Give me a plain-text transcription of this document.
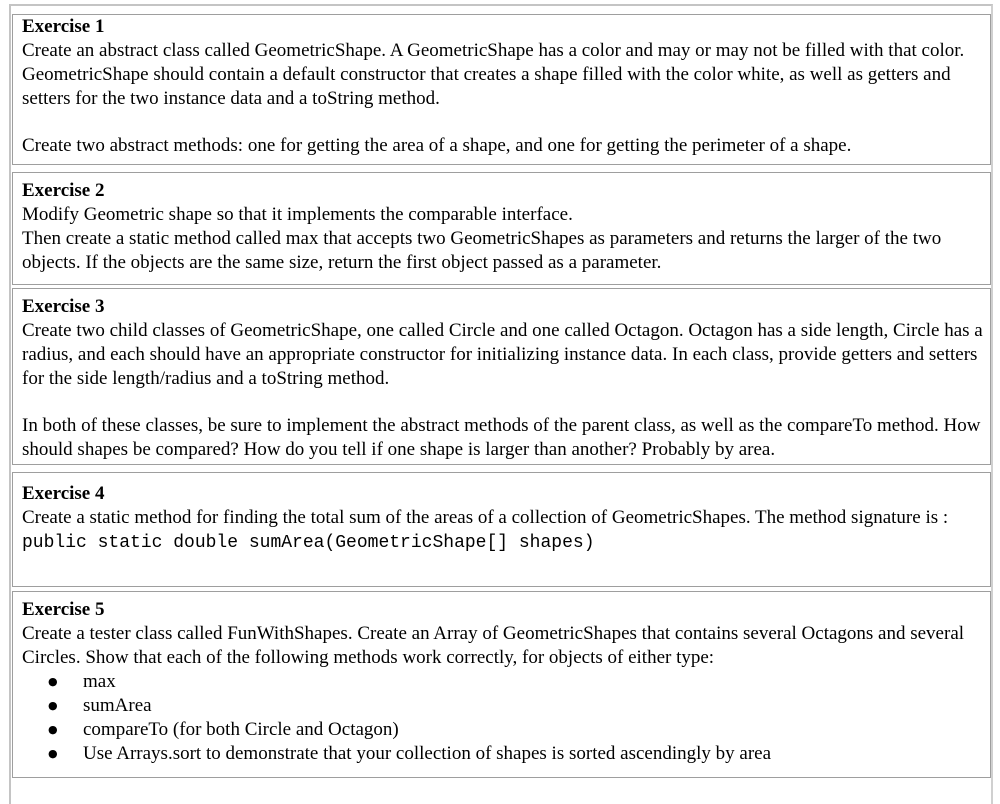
Exercise 1
Create an abstract class called GeometricShape. A GeometricShape has a color and may or may not be filled with that color. GeometricShape should contain a default constructor that creates a shape filled with the color white, as well as getters and setters for the two instance data and a toString method.
Create two abstract methods: one for getting the area of a shape, and one for getting the perimeter of a shape.
Exercise 2
Modify Geometric shape so that it implements the comparable interface.
Then create a static method called max that accepts two GeometricShapes as parameters and returns the larger of the two objects. If the objects are the same size, return the first object passed as a parameter.
Exercise 3
Create two child classes of GeometricShape, one called Circle and one called Octagon. Octagon has a side length, Circle has a radius, and each should have an appropriate constructor for initializing instance data. In each class, provide getters and setters for the side length/radius and a toString method.
In both of these classes, be sure to implement the abstract methods of the parent class, as well as the compareTo method. How should shapes be compared? How do you tell if one shape is larger than another? Probably by area.
Exercise 4
Create a static method for finding the total sum of the areas of a collection of GeometricShapes. The method signature is : public static double sumArea(GeometricShape[] shapes)
Exercise 5
Create a tester class called FunWithShapes. Create an Array of GeometricShapes that contains several Octagons and several Circles. Show that each of the following methods work correctly, for objects of either type:
● max
● sumArea
● compareTo (for both Circle and Octagon)
● Use Arrays.sort to demonstrate that your collection of shapes is sorted ascendingly by area
